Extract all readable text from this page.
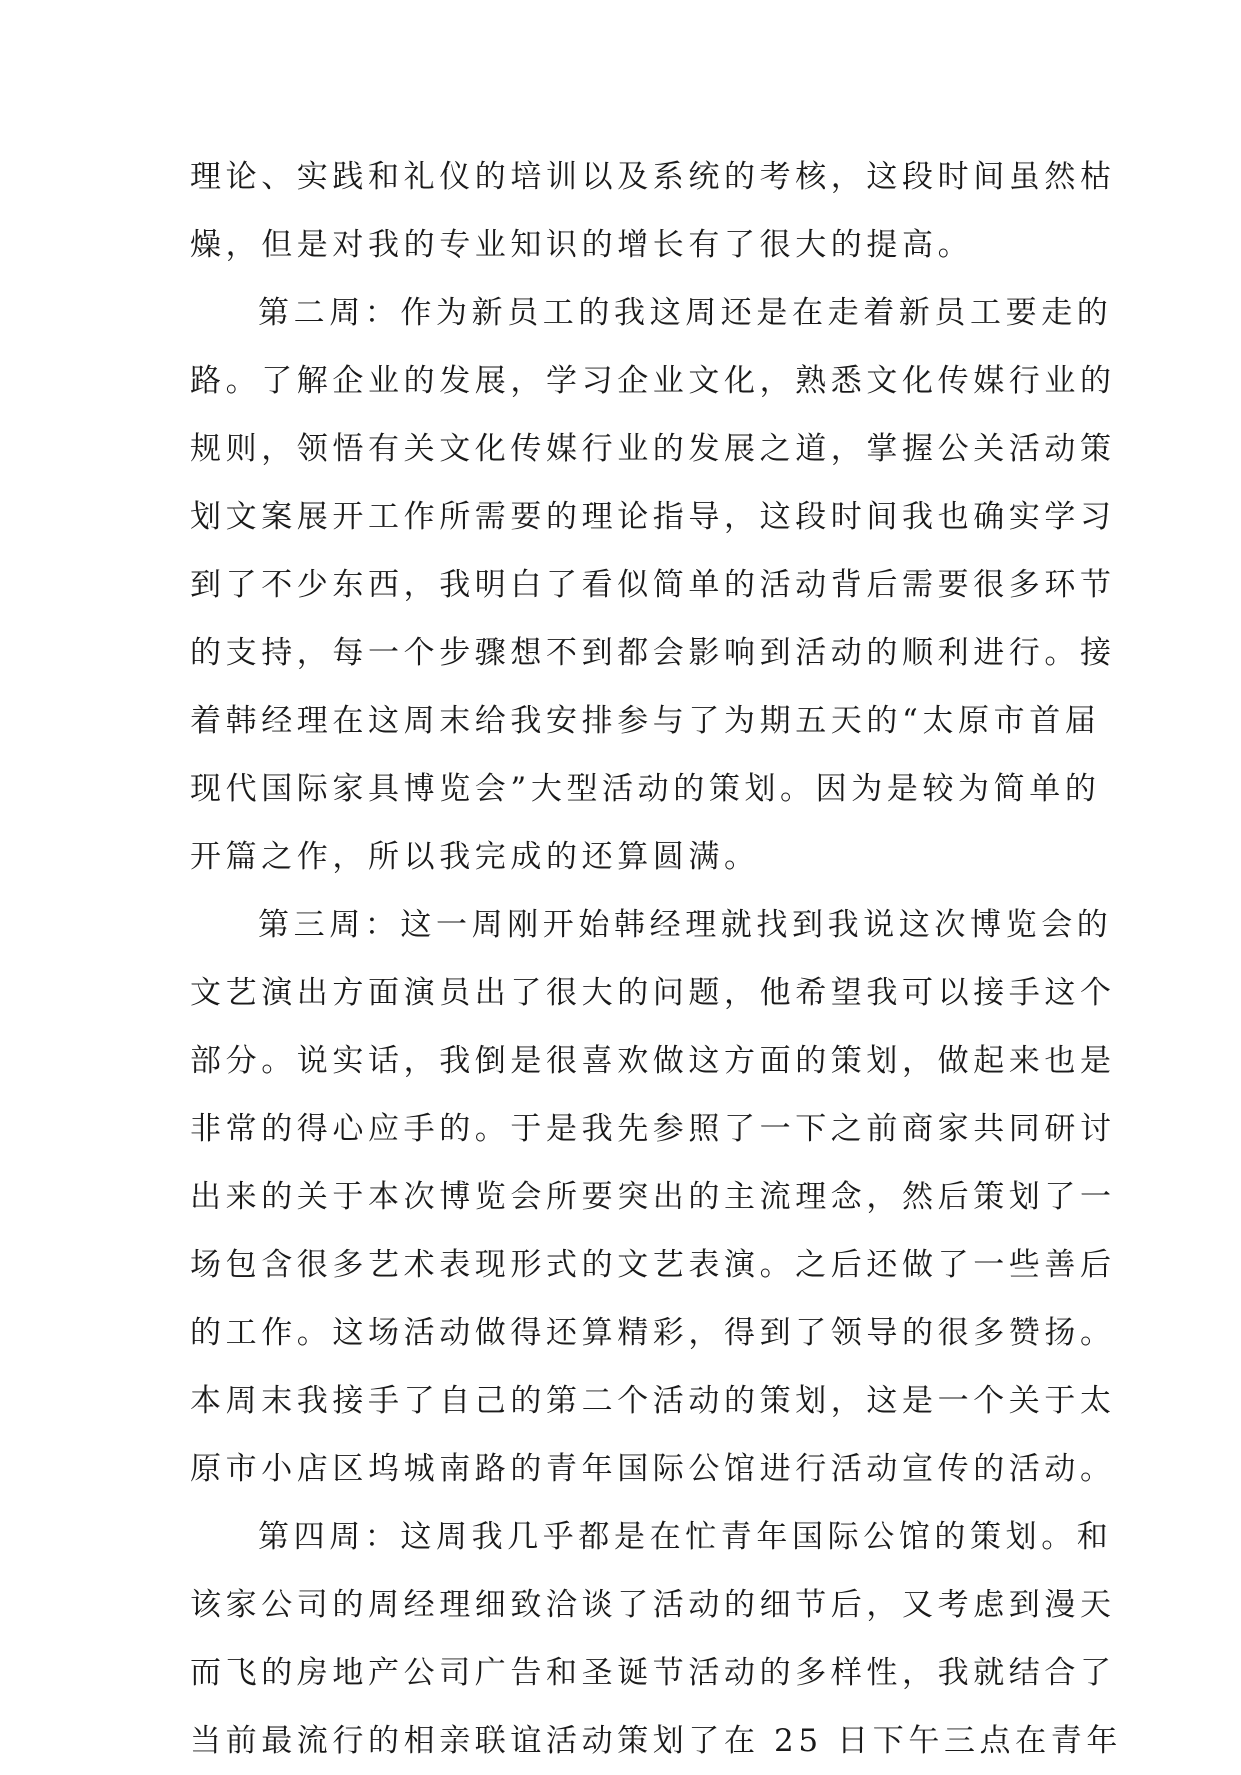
理论、实践和礼仪的培训以及系统的考核，这段时间虽然枯
燥，但是对我的专业知识的增长有了很大的提高。
第二周：作为新员工的我这周还是在走着新员工要走的
路。了解企业的发展，学习企业文化，熟悉文化传媒行业的
规则，领悟有关文化传媒行业的发展之道，掌握公关活动策
划文案展开工作所需要的理论指导，这段时间我也确实学习
到了不少东西，我明白了看似简单的活动背后需要很多环节
的支持，每一个步骤想不到都会影响到活动的顺利进行。接
着韩经理在这周末给我安排参与了为期五天的“太原市首届
现代国际家具博览会”大型活动的策划。因为是较为简单的
开篇之作，所以我完成的还算圆满。
第三周：这一周刚开始韩经理就找到我说这次博览会的
文艺演出方面演员出了很大的问题，他希望我可以接手这个
部分。说实话，我倒是很喜欢做这方面的策划，做起来也是
非常的得心应手的。于是我先参照了一下之前商家共同研讨
出来的关于本次博览会所要突出的主流理念，然后策划了一
场包含很多艺术表现形式的文艺表演。之后还做了一些善后
的工作。这场活动做得还算精彩，得到了领导的很多赞扬。
本周末我接手了自己的第二个活动的策划，这是一个关于太
原市小店区坞城南路的青年国际公馆进行活动宣传的活动。
第四周：这周我几乎都是在忙青年国际公馆的策划。和
该家公司的周经理细致洽谈了活动的细节后，又考虑到漫天
而飞的房地产公司广告和圣诞节活动的多样性，我就结合了
当前最流行的相亲联谊活动策划了在 25 日下午三点在青年
